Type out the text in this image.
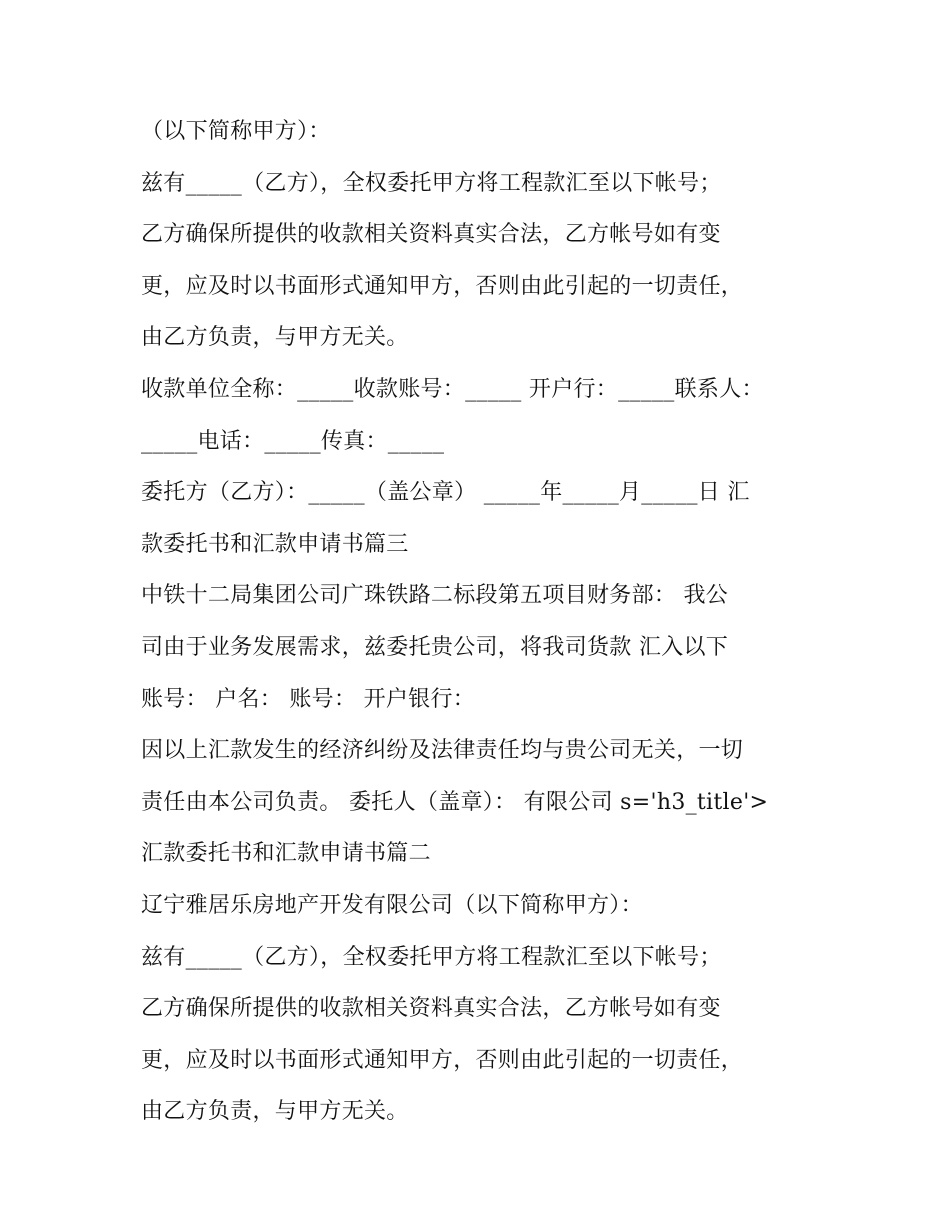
（以下简称甲方）：
兹有_____（乙方），全权委托甲方将工程款汇至以下帐号；
乙方确保所提供的收款相关资料真实合法，乙方帐号如有变
更，应及时以书面形式通知甲方，否则由此引起的一切责任，
由乙方负责，与甲方无关。
收款单位全称：_____收款账号：_____ 开户行：_____联系人：
_____电话：_____传真：_____
委托方（乙方）：_____（盖公章） _____年_____月_____日 汇
款委托书和汇款申请书篇三
中铁十二局集团公司广珠铁路二标段第五项目财务部： 我公
司由于业务发展需求，兹委托贵公司，将我司货款 汇入以下
账号： 户名： 账号： 开户银行：
因以上汇款发生的经济纠纷及法律责任均与贵公司无关，一切
责任由本公司负责。 委托人（盖章）： 有限公司 s='h3_title'>
汇款委托书和汇款申请书篇二
辽宁雅居乐房地产开发有限公司（以下简称甲方）：
兹有_____（乙方），全权委托甲方将工程款汇至以下帐号；
乙方确保所提供的收款相关资料真实合法，乙方帐号如有变
更，应及时以书面形式通知甲方，否则由此引起的一切责任，
由乙方负责，与甲方无关。
